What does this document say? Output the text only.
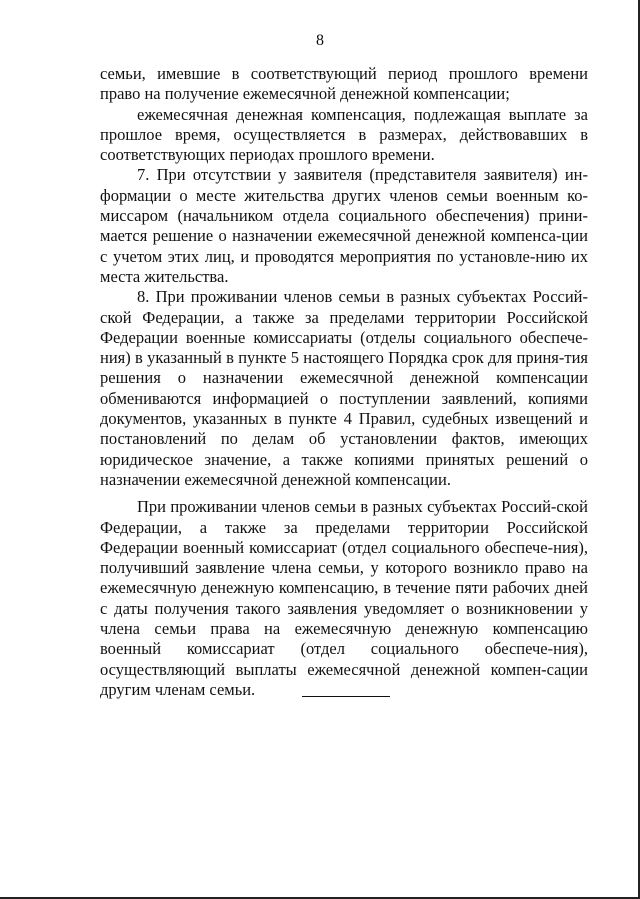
8

семьи, имевшие в соответствующий период прошлого времени право на получение ежемесячной денежной компенсации;

ежемесячная денежная компенсация, подлежащая выплате за прошлое время, осуществляется в размерах, действовавших в соответствующих периодах прошлого времени.

7. При отсутствии у заявителя (представителя заявителя) ин-формации о месте жительства других членов семьи военным ко-миссаром (начальником отдела социального обеспечения) прини-мается решение о назначении ежемесячной денежной компенса-ции с учетом этих лиц, и проводятся мероприятия по установле-нию их места жительства.

8. При проживании членов семьи в разных субъектах Россий-ской Федерации, а также за пределами территории Российской Федерации военные комиссариаты (отделы социального обеспече-ния) в указанный в пункте 5 настоящего Порядка срок для приня-тия решения о назначении ежемесячной денежной компенсации обмениваются информацией о поступлении заявлений, копиями документов, указанных в пункте 4 Правил, судебных извещений и постановлений по делам об установлении фактов, имеющих юридическое значение, а также копиями принятых решений о назначении ежемесячной денежной компенсации.

При проживании членов семьи в разных субъектах Россий-ской Федерации, а также за пределами территории Российской Федерации военный комиссариат (отдел социального обеспече-ния), получивший заявление члена семьи, у которого возникло право на ежемесячную денежную компенсацию, в течение пяти рабочих дней с даты получения такого заявления уведомляет о возникновении у члена семьи права на ежемесячную денежную компенсацию военный комиссариат (отдел социального обеспече-ния), осуществляющий выплаты ежемесячной денежной компен-сации другим членам семьи.
